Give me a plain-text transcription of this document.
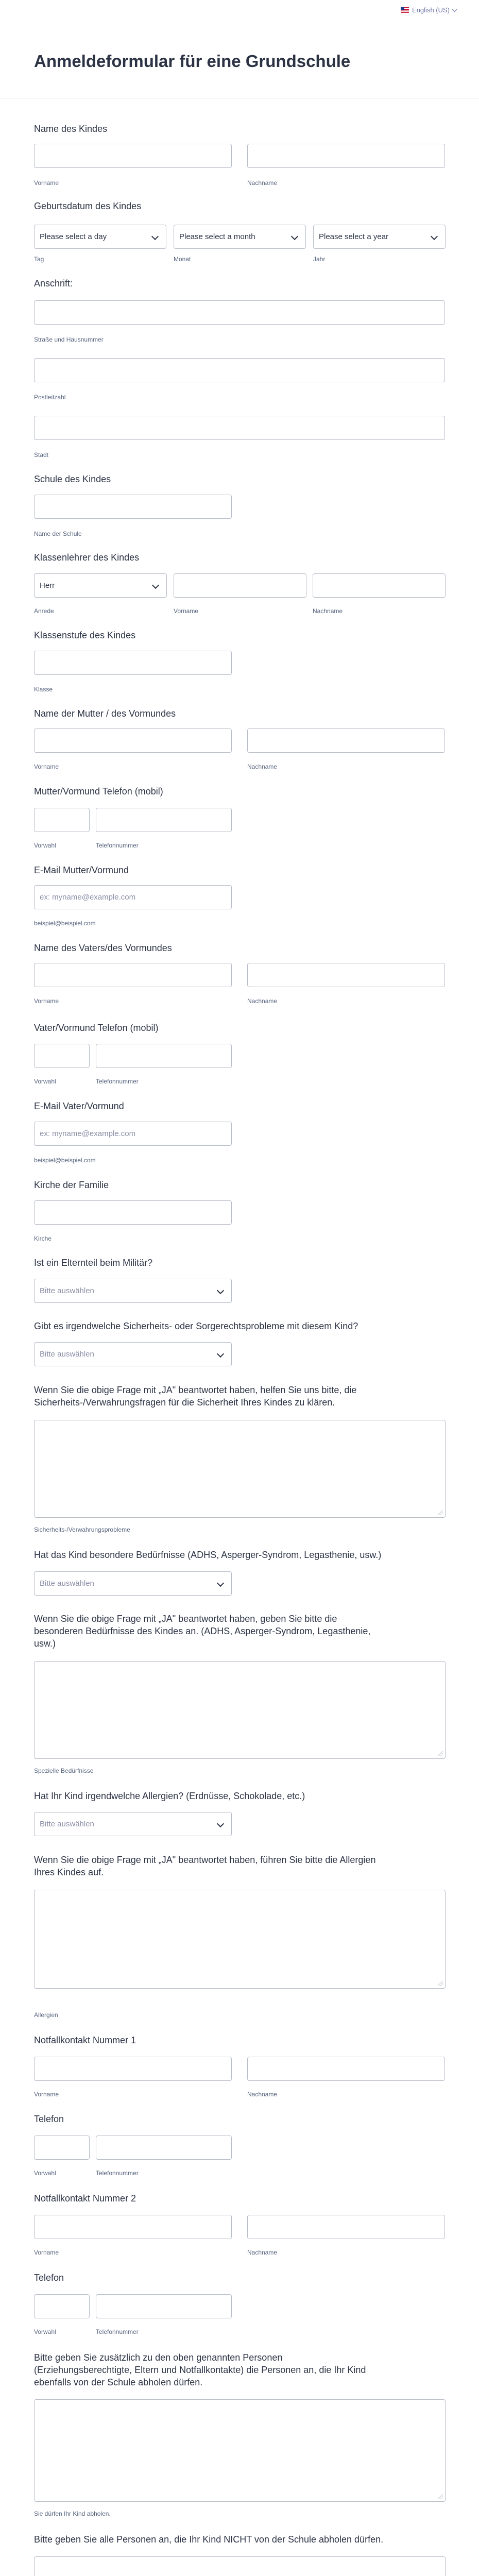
English (US)
Anmeldeformular für eine Grundschule
Name des Kindes
Vorname	Nachname
Geburtsdatum des Kindes
Please select a day	Please select a month	Please select a year
Tag	Monat	Jahr
Anschrift:
Straße und Hausnummer
Postleitzahl
Stadt
Schule des Kindes
Name der Schule
Klassenlehrer des Kindes
Herr
Anrede	Vorname	Nachname
Klassenstufe des Kindes
Klasse
Name der Mutter / des Vormundes
Vorname	Nachname
Mutter/Vormund Telefon (mobil)
Vorwahl	Telefonnummer
E-Mail Mutter/Vormund
ex: myname@example.com
beispiel@beispiel.com
Name des Vaters/des Vormundes
Vorname	Nachname
Vater/Vormund Telefon (mobil)
Vorwahl	Telefonnummer
E-Mail Vater/Vormund
ex: myname@example.com
beispiel@beispiel.com
Kirche der Familie
Kirche
Ist ein Elternteil beim Militär?
Bitte auswählen
Gibt es irgendwelche Sicherheits- oder Sorgerechtsprobleme mit diesem Kind?
Bitte auswählen
Wenn Sie die obige Frage mit „JA" beantwortet haben, helfen Sie uns bitte, die
Sicherheits-/Verwahrungsfragen für die Sicherheit Ihres Kindes zu klären.
Sicherheits-/Verwahrungsprobleme
Hat das Kind besondere Bedürfnisse (ADHS, Asperger-Syndrom, Legasthenie, usw.)
Bitte auswählen
Wenn Sie die obige Frage mit „JA" beantwortet haben, geben Sie bitte die
besonderen Bedürfnisse des Kindes an. (ADHS, Asperger-Syndrom, Legasthenie,
usw.)
Spezielle Bedürfnisse
Hat Ihr Kind irgendwelche Allergien? (Erdnüsse, Schokolade, etc.)
Bitte auswählen
Wenn Sie die obige Frage mit „JA" beantwortet haben, führen Sie bitte die Allergien
Ihres Kindes auf.
Allergien
Notfallkontakt Nummer 1
Vorname	Nachname
Telefon
Vorwahl	Telefonnummer
Notfallkontakt Nummer 2
Vorname	Nachname
Telefon
Vorwahl	Telefonnummer
Bitte geben Sie zusätzlich zu den oben genannten Personen
(Erziehungsberechtigte, Eltern und Notfallkontakte) die Personen an, die Ihr Kind
ebenfalls von der Schule abholen dürfen.
Sie dürfen Ihr Kind abholen.
Bitte geben Sie alle Personen an, die Ihr Kind NICHT von der Schule abholen dürfen.
